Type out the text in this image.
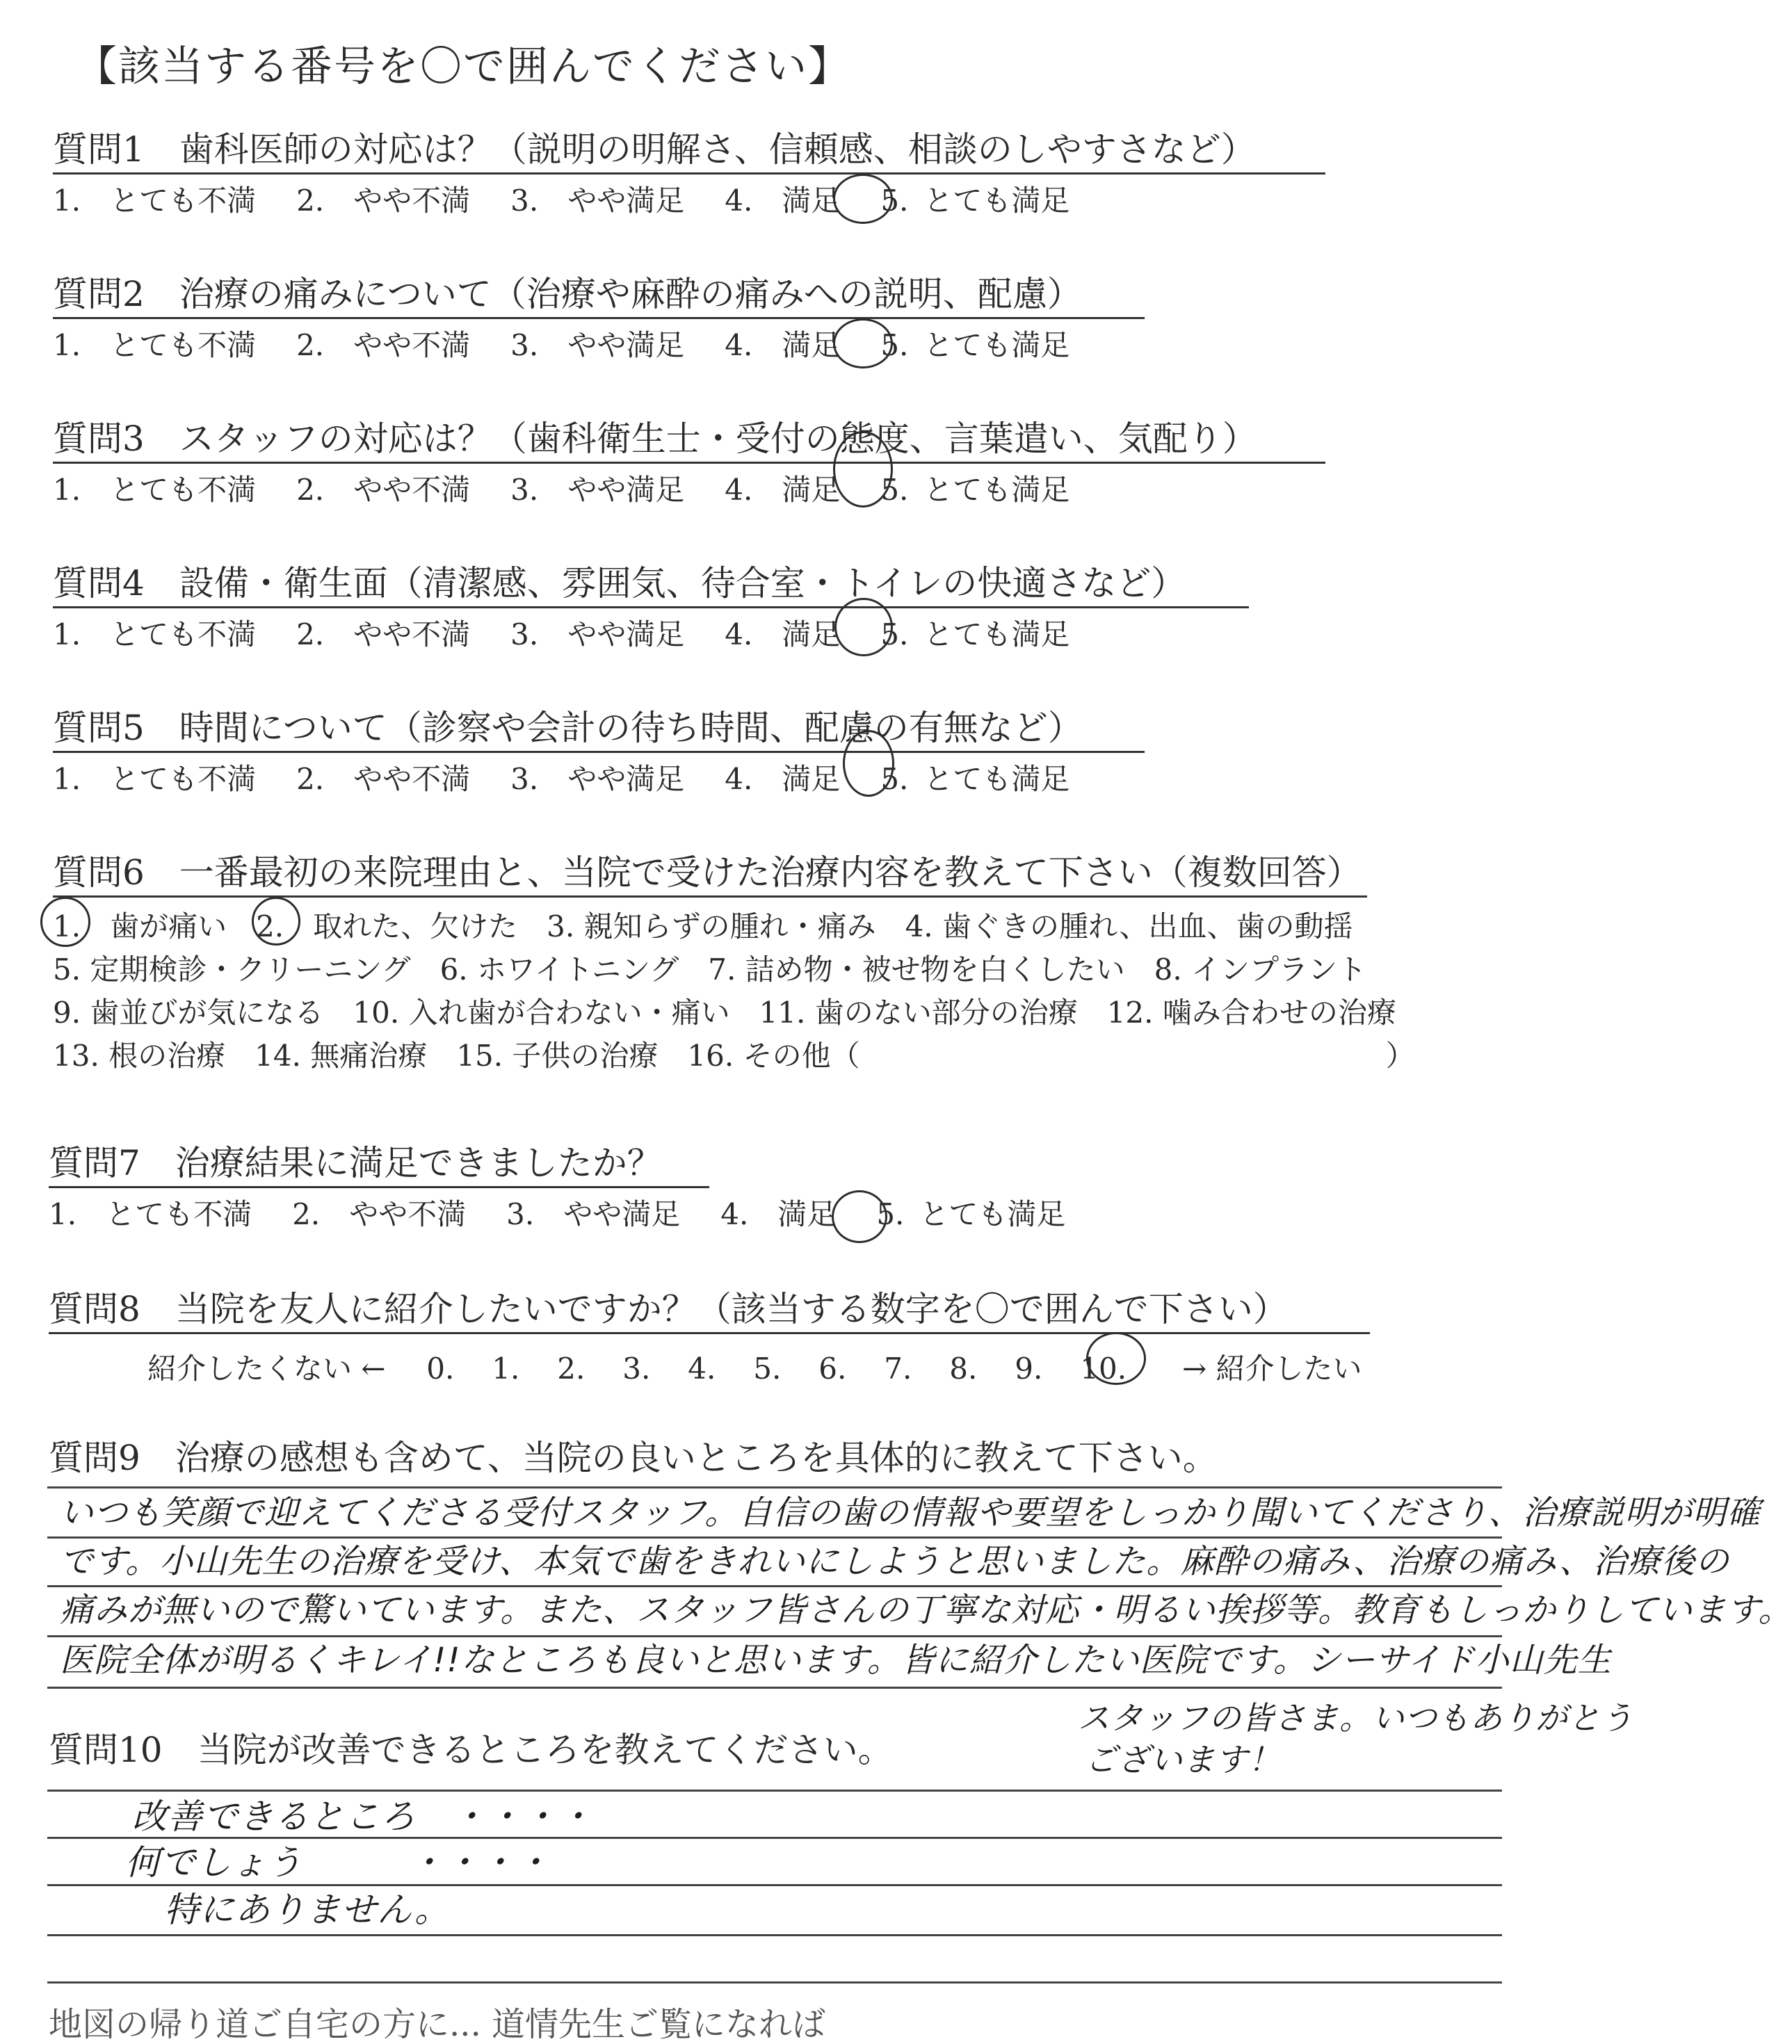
【該当する番号を〇で囲んでください】
質問1　歯科医師の対応は？（説明の明解さ、信頼感、相談のしやすさなど）
1.　とても不満 2.　やや不満 3.　やや満足 4.　満足 5. とても満足
質問2　治療の痛みについて（治療や麻酔の痛みへの説明、配慮）
1.　とても不満 2.　やや不満 3.　やや満足 4.　満足 5. とても満足
質問3　スタッフの対応は？（歯科衛生士・受付の態度、言葉遣い、気配り）
1.　とても不満 2.　やや不満 3.　やや満足 4.　満足 5. とても満足
質問4　設備・衛生面（清潔感、雰囲気、待合室・トイレの快適さなど）
1.　とても不満 2.　やや不満 3.　やや満足 4.　満足 5. とても満足
質問5　時間について（診察や会計の待ち時間、配慮の有無など）
1.　とても不満 2.　やや不満 3.　やや満足 4.　満足 5. とても満足
質問6　一番最初の来院理由と、当院で受けた治療内容を教えて下さい（複数回答）
1.　歯が痛い　2.　取れた、欠けた　3. 親知らずの腫れ・痛み　4. 歯ぐきの腫れ、出血、歯の動揺
5. 定期検診・クリーニング　6. ホワイトニング　7. 詰め物・被せ物を白くしたい　8. インプラント
9. 歯並びが気になる　10. 入れ歯が合わない・痛い　11. 歯のない部分の治療　12. 噛み合わせの治療
13. 根の治療　14. 無痛治療　15. 子供の治療　16. その他（　　　　　　　　　　　　　　　　　　）
質問7　治療結果に満足できましたか？
1.　とても不満 2.　やや不満 3.　やや満足 4.　満足 5. とても満足
質問8　当院を友人に紹介したいですか？（該当する数字を〇で囲んで下さい）
紹介したくない ← 0. 1. 2. 3. 4. 5. 6. 7. 8. 9. 10. → 紹介したい
質問9　治療の感想も含めて、当院の良いところを具体的に教えて下さい。
いつも笑顔で迎えてくださる受付スタッフ。自信の歯の情報や要望をしっかり聞いてくださり、治療説明が明確
です。小山先生の治療を受け、本気で歯をきれいにしようと思いました。麻酔の痛み、治療の痛み、治療後の
痛みが無いので驚いています。また、スタッフ皆さんの丁寧な対応・明るい挨拶等。教育もしっかりしています。
医院全体が明るくキレイ!!なところも良いと思います。皆に紹介したい医院です。シーサイド小山先生
スタッフの皆さま。いつもありがとう
ございます！
質問10　当院が改善できるところを教えてください。
改善できるところ　・・・・
何でしょう　　　・・・・
特にありません。
地図の帰り道ご自宅の方に... 道情先生ご覧になれば
